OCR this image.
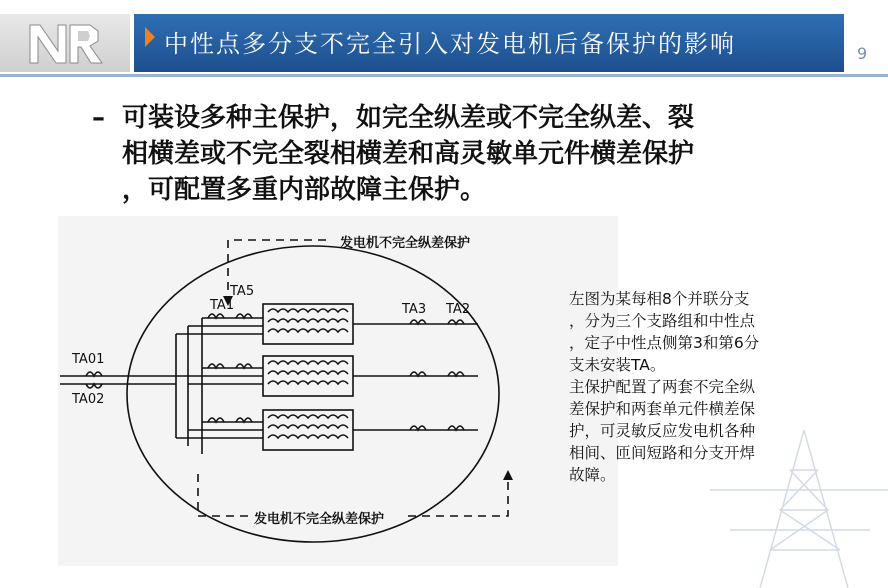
中性点多分支不完全引入对发电机后备保护的影响	9
– 可装设多种主保护，如完全纵差或不完全纵差、裂
相横差或不完全裂相横差和高灵敏单元件横差保护
，可配置多重内部故障主保护。
发电机不完全纵差保护
发电机不完全纵差保护
TA01
TA02
TA1
TA5
TA3 TA2
左图为某每相8个并联分支
，分为三个支路组和中性点
，定子中性点侧第3和第6分
支未安装TA。
主保护配置了两套不完全纵
差保护和两套单元件横差保
护，可灵敏反应发电机各种
相间、匝间短路和分支开焊
故障。
